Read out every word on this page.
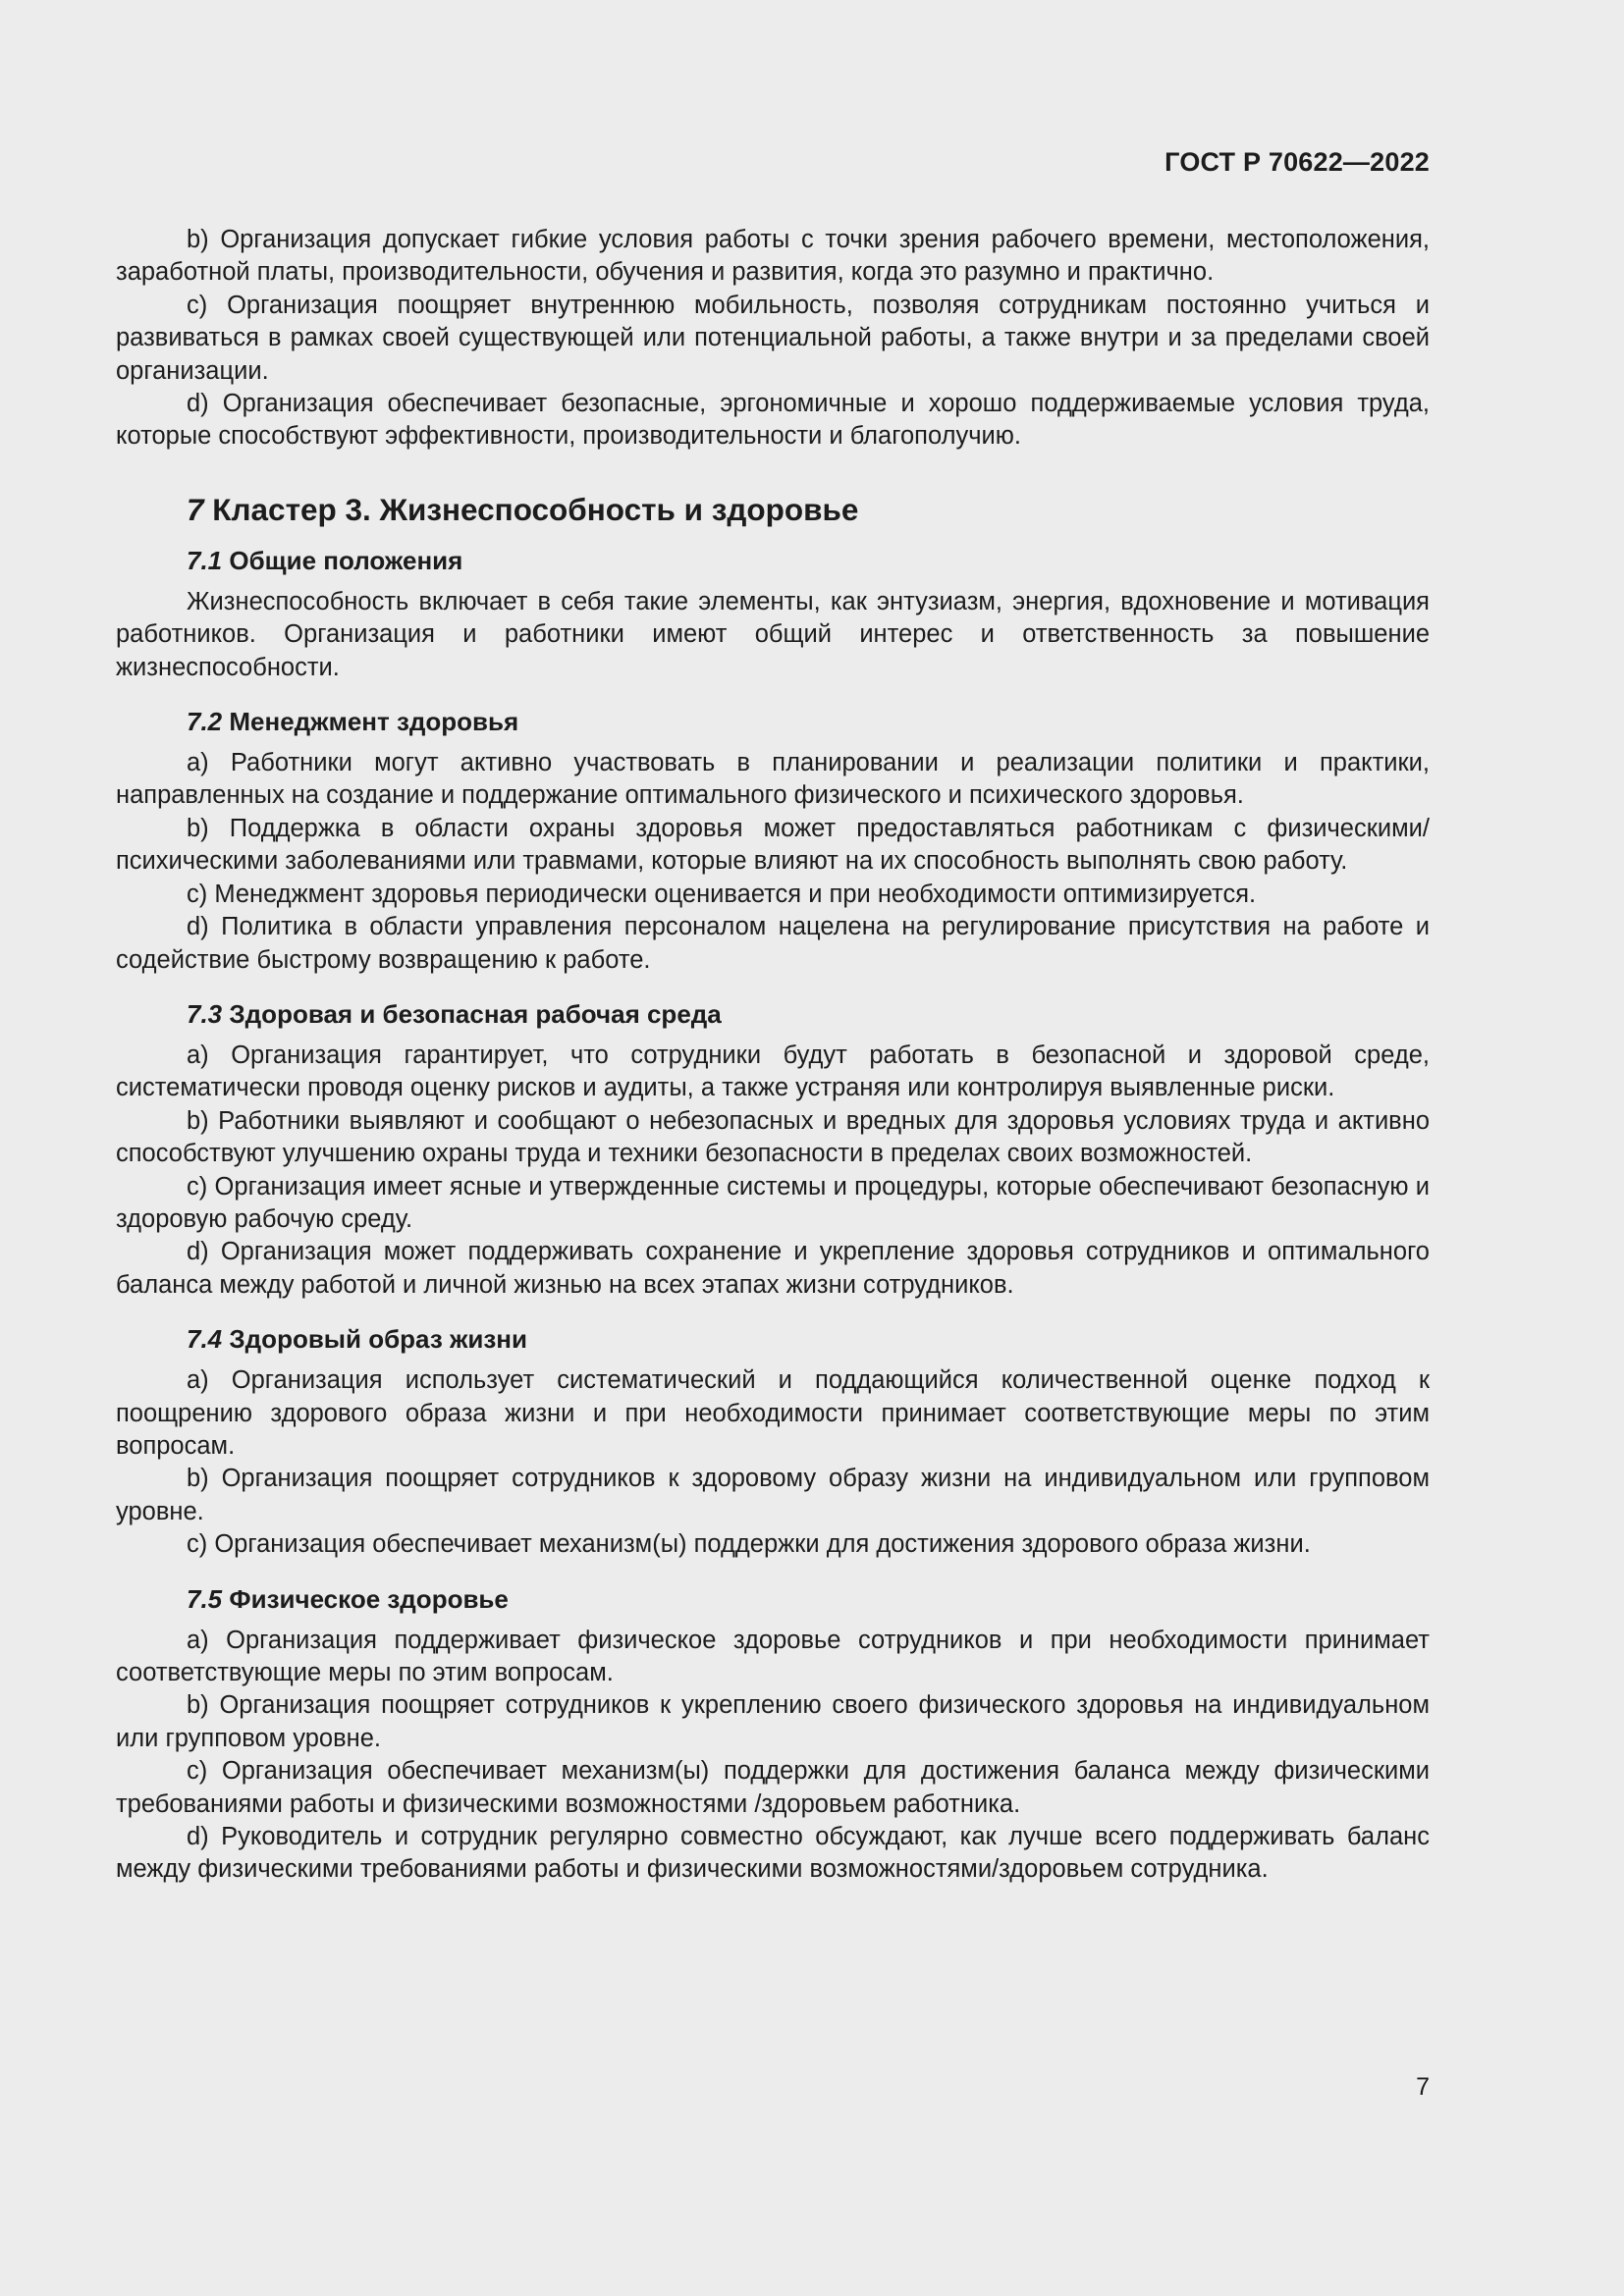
ГОСТ Р 70622—2022

b) Организация допускает гибкие условия работы с точки зрения рабочего времени, местоположения, заработной платы, производительности, обучения и развития, когда это разумно и практично.

c) Организация поощряет внутреннюю мобильность, позволяя сотрудникам постоянно учиться и развиваться в рамках своей существующей или потенциальной работы, а также внутри и за пределами своей организации.

d) Организация обеспечивает безопасные, эргономичные и хорошо поддерживаемые условия труда, которые способствуют эффективности, производительности и благополучию.

7 Кластер 3. Жизнеспособность и здоровье
7.1 Общие положения

Жизнеспособность включает в себя такие элементы, как энтузиазм, энергия, вдохновение и мотивация работников. Организация и работники имеют общий интерес и ответственность за повышение жизнеспособности.

7.2 Менеджмент здоровья

a) Работники могут активно участвовать в планировании и реализации политики и практики, направленных на создание и поддержание оптимального физического и психического здоровья.

b) Поддержка в области охраны здоровья может предоставляться работникам с физическими/психическими заболеваниями или травмами, которые влияют на их способность выполнять свою работу.

c) Менеджмент здоровья периодически оценивается и при необходимости оптимизируется.

d) Политика в области управления персоналом нацелена на регулирование присутствия на работе и содействие быстрому возвращению к работе.

7.3 Здоровая и безопасная рабочая среда

a) Организация гарантирует, что сотрудники будут работать в безопасной и здоровой среде, систематически проводя оценку рисков и аудиты, а также устраняя или контролируя выявленные риски.

b) Работники выявляют и сообщают о небезопасных и вредных для здоровья условиях труда и активно способствуют улучшению охраны труда и техники безопасности в пределах своих возможностей.

c) Организация имеет ясные и утвержденные системы и процедуры, которые обеспечивают безопасную и здоровую рабочую среду.

d) Организация может поддерживать сохранение и укрепление здоровья сотрудников и оптимального баланса между работой и личной жизнью на всех этапах жизни сотрудников.

7.4 Здоровый образ жизни

a) Организация использует систематический и поддающийся количественной оценке подход к поощрению здорового образа жизни и при необходимости принимает соответствующие меры по этим вопросам.

b) Организация поощряет сотрудников к здоровому образу жизни на индивидуальном или групповом уровне.

c) Организация обеспечивает механизм(ы) поддержки для достижения здорового образа жизни.

7.5 Физическое здоровье

a) Организация поддерживает физическое здоровье сотрудников и при необходимости принимает соответствующие меры по этим вопросам.

b) Организация поощряет сотрудников к укреплению своего физического здоровья на индивидуальном или групповом уровне.

c) Организация обеспечивает механизм(ы) поддержки для достижения баланса между физическими требованиями работы и физическими возможностями /здоровьем работника.

d) Руководитель и сотрудник регулярно совместно обсуждают, как лучше всего поддерживать баланс между физическими требованиями работы и физическими возможностями/здоровьем сотрудника.

7
